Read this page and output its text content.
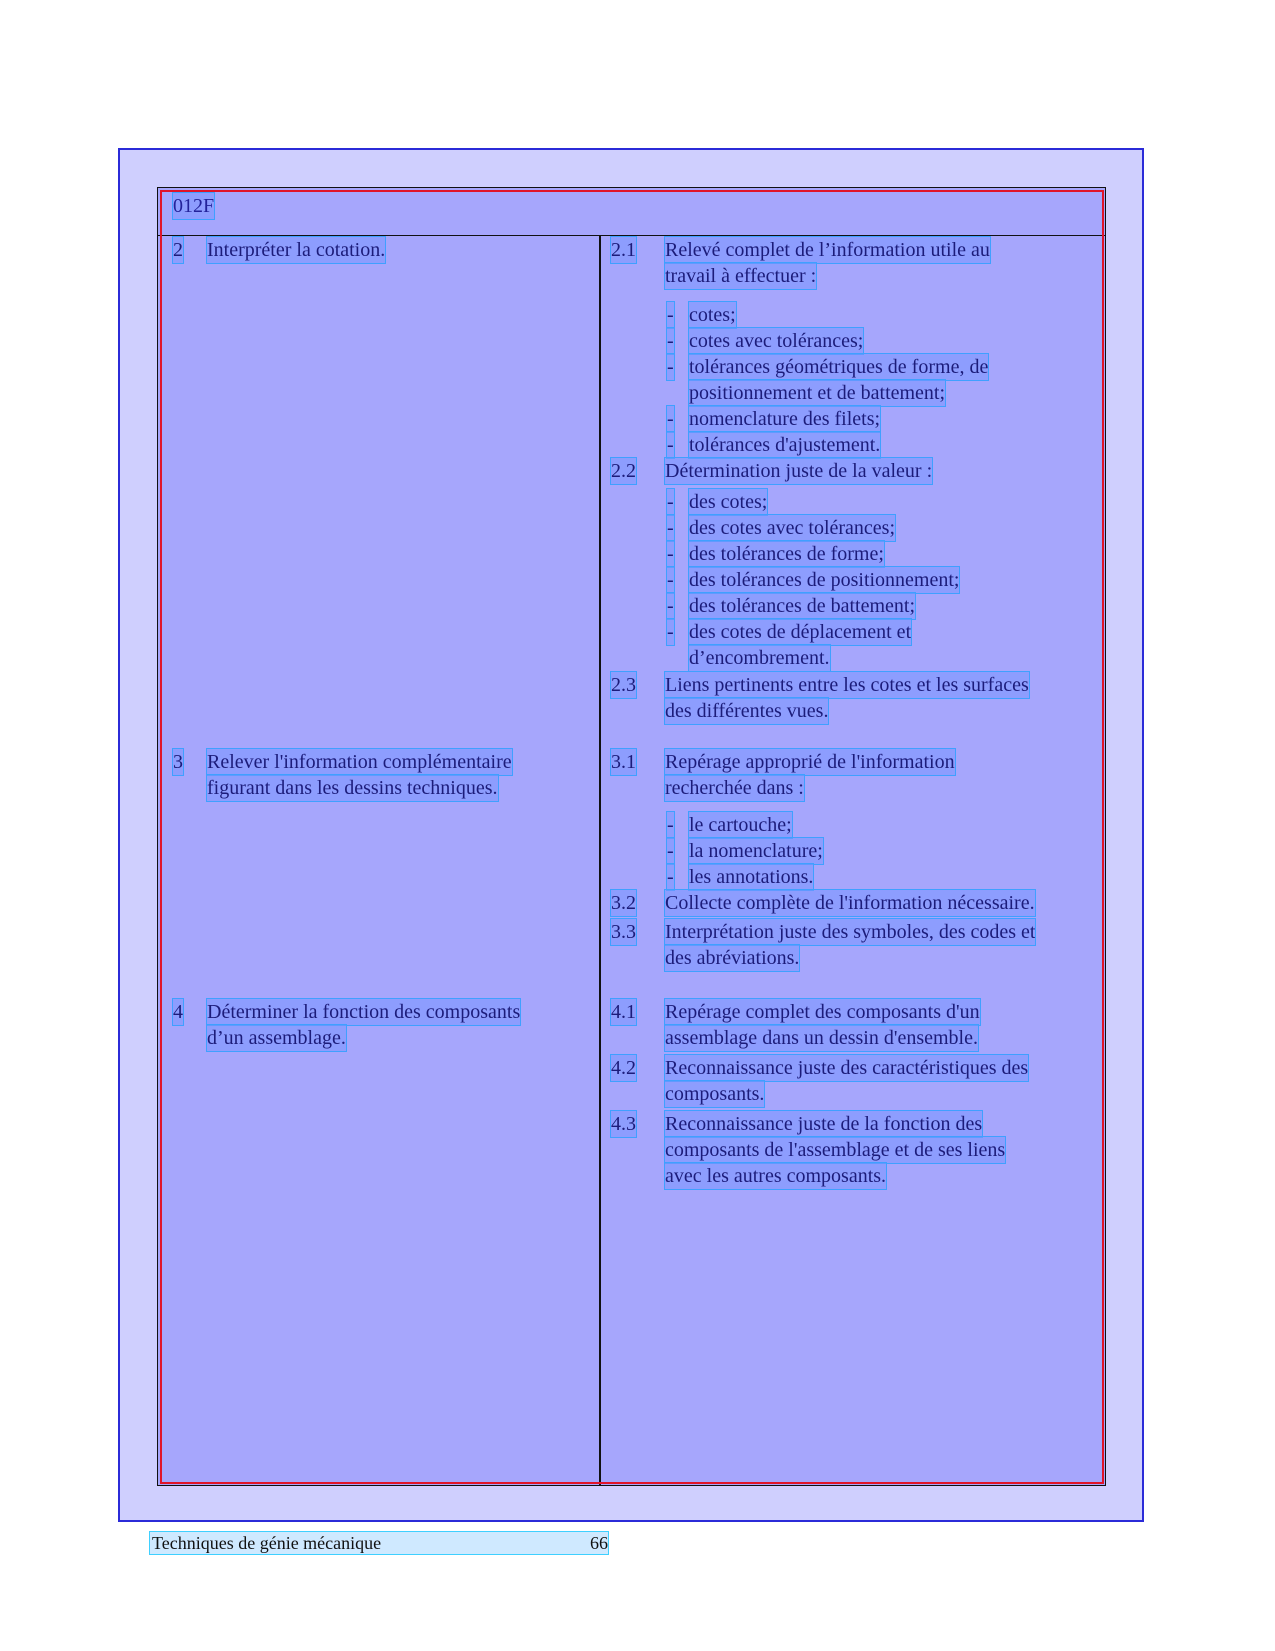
012F
2 Interpréter la cotation.
3 Relever l'information complémentaire
figurant dans les dessins techniques.
4 Déterminer la fonction des composants
d’un assemblage.
2.1 Relevé complet de l’information utile au
travail à effectuer :
- cotes;
- cotes avec tolérances;
- tolérances géométriques de forme, de
positionnement et de battement;
- nomenclature des filets;
- tolérances d'ajustement.
2.2 Détermination juste de la valeur :
- des cotes;
- des cotes avec tolérances;
- des tolérances de forme;
- des tolérances de positionnement;
- des tolérances de battement;
- des cotes de déplacement et
d’encombrement.
2.3 Liens pertinents entre les cotes et les surfaces
des différentes vues.
3.1 Repérage approprié de l'information
recherchée dans :
- le cartouche;
- la nomenclature;
- les annotations.
3.2 Collecte complète de l'information nécessaire.
3.3 Interprétation juste des symboles, des codes et
des abréviations.
4.1 Repérage complet des composants d'un
assemblage dans un dessin d'ensemble.
4.2 Reconnaissance juste des caractéristiques des
composants.
4.3 Reconnaissance juste de la fonction des
composants de l'assemblage et de ses liens
avec les autres composants.
Techniques de génie mécanique	66
